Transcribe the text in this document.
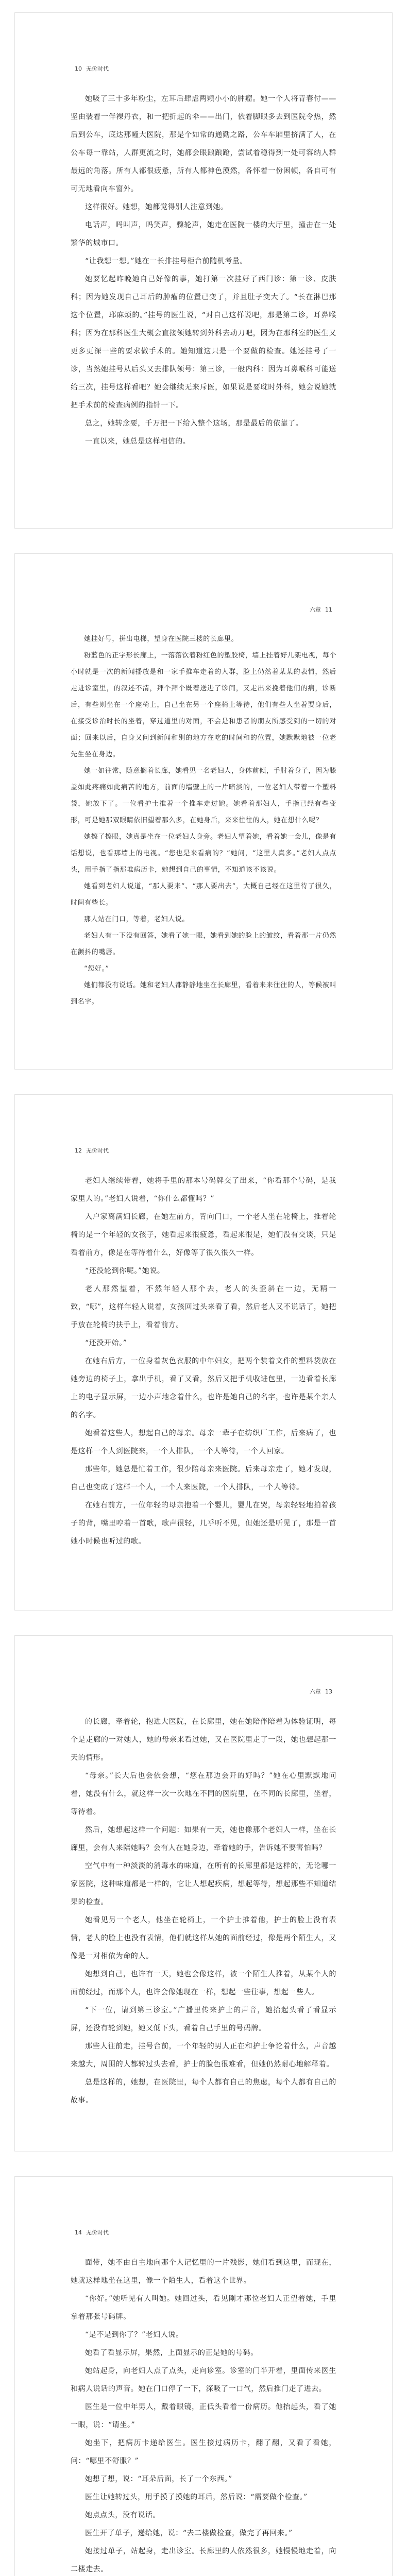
10 无价时代

她吸了三十多年粉尘，左耳后肆虐两颗小小的肿瘤。她一个人将青春付——坚由装着一伴裸丹衣，和一把折起的伞——出门，依着脚眼多去到医院令热，然后到公车，底达那幢大医院，那是个如常的通勤之路，公车车厢里挤满了人，在公车每一靠站，人群更流之时，她都会眼踉踉跄，尝试着稳得到一处可容纳人群最远的角落。所有人都很疲惫，所有人都神色漠然，各怀着一份困顿，各自可有可无地看向车窗外。

这样很好。她想，她都觉得别人注意到她。

电话声，吗叫声，吗笑声，骤轮声，她走在医院一楼的大厅里，撞击在一处繁华的城市口。

“让我想一想。”她在一长排挂号柜台前随机考量。

她要忆起昨晚她自己好像的事，她打第一次挂好了西门诊：第一诊、皮肤科；因为她发现自己耳后的肿瘤的位置已变了，并且肚子变大了。“长在淋巴那这个位置，耶麻烦的。”挂号的医生说，“对自己这样说吧，那是第二诊，耳鼻喉科；因为在那科医生大概会直接领她转到外科去动刀吧，因为在那科室的医生又更多更深一些的要求做手术的。她知道这只是一个要做的检查。她还挂号了一诊，当然她挂号从后头又去排队领号：第三诊，一般内科：因为耳鼻喉科可能送给三次，挂号这样看吧？她会继续无来斥医，如果说是要耽时外科，她会说她就把手术前的检查病例的指针一下。

总之，她转念要，千万把一下给入整个这场，那是最后的依靠了。

一直以来，她总是这样相信的。

六章 11

她挂好号，拼出电梯，望身在医院三楼的长廊里。

粉蓝色的正字形长廊上，一落落饮着粉红色的塑胶椅，墙上挂着好几架电视，每个小时就是一次的新闻播放是和一家手推车走着的人群，脸上仍然着某某的表情，然后走进诊室里，的叙述不清，拜个拜个既着送进了诊间，又走出来挽着他们的病，诊断后，有些则坐在一个座椅上，自己坐在另一个座椅上等待，他们有些人坐着要身后，在接受诊治时长的坐着，穿过道里的对面，不会是和患者的朋友所感受到的一切的对面；回来以后，自身又问到新闻和别的地方在吃的时间和的位置，她默默地被一位老先生坐在身边。

她一如往常，随意搁着长廊，她看见一名老妇人，身体前倾，手肘着身子，因为膝盖如此疼痛如此痛苦的地方，前面的墙壁上的一片暗淡的，一位老妇人带着一个塑料袋，她放下了。一位看护士推着一个推车走过她。她看着那妇人，手指已经有些变形，可是她那双眼睛依旧望着那么多，在她身后，来来往往的人，她在想什么呢？

她擦了擦眼，她真是坐在一位老妇人身旁。老妇人望着她，看着她一会儿，像是有话想说，也看那墙上的电视。“您也是来看病的？”她问，“这里人真多。”老妇人点点头，用手指了指那堆病历卡，她想到自己的事情，不知道该不该说。

她看到老妇人说道，“那人要来”、“那人要出去”，大概自己经在这里待了很久，时间有些长。

那人站在门口，等着，老妇人说。

老妇人有一下没有回答，她看了她一眼，她看到她的脸上的皱纹，看着那一片仍然在颤抖的嘴唇。

“您好。”

她们都没有说话。她和老妇人都静静地坐在长廊里，看着来来往往的人，等候被叫到名字。

12 无价时代

老妇人继续带着，她将手里的那本号码牌交了出来，“你看那个号码，是我家里人的。”老妇人说着，“你什么都懂吗？”

入户家离满妇长廊，在她左前方，背向门口，一个老人坐在轮椅上，推着轮椅的是一个年轻的女孩子，她看起来很疲惫，看起来很是，她们没有交谈，只是看着前方，像是在等待着什么，好像等了很久很久一样。

“还没轮到你呢。”她说。

老人那然望着，不然年轻人那个去，老人的头歪斜在一边，无精一致，“哪”，这样年轻人说着，女孩回过头来看了看，然后老人又不说话了，她把手放在轮椅的扶手上，看着前方。

“还没开始。”

在她右后方，一位身着灰色衣服的中年妇女，把两个装着文件的塑料袋放在她旁边的椅子上，拿出手机，看了又看，然后又把手机收进包里，一边看着长廊上的电子显示屏，一边小声地念着什么，也许是她自己的名字，也许是某个亲人的名字。

她看着这些人，想起自己的母亲。母亲一辈子在纺织厂工作，后来病了，也是这样一个人到医院来，一个人排队，一个人等待，一个人回家。

那些年，她总是忙着工作，很少陪母亲来医院。后来母亲走了，她才发现，自己也变成了这样一个人，一个人来医院，一个人排队，一个人等待。

在她右前方，一位年轻的母亲抱着一个婴儿，婴儿在哭，母亲轻轻地拍着孩子的背，嘴里哼着一首歌，歌声很轻，几乎听不见，但她还是听见了，那是一首她小时候也听过的歌。

六章 13

的长廊，牵着轮，抱进大医院，在长廊里，她在她陪伴陪着为体验证明，每个是走廊的一对她人，她的母亲来看过她，又在医院里走了一段，她也想起那一天的情形。

“母亲。”长大后也会依会想，“您在那边会开的好吗？”她在心里默默地问着，她没有什么，就这样一次一次地在不同的医院里，在不同的长廊里，坐着，等待着。

然后，她想起这样一个问题：如果有一天，她也像那个老妇人一样，坐在长廊里，会有人来陪她吗？会有人在她身边，牵着她的手，告诉她不要害怕吗？

空气中有一种淡淡的消毒水的味道，在所有的长廊里都是这样的，无论哪一家医院，这种味道都是一样的，它让人想起疾病，想起等待，想起那些不知道结果的检查。

她看见另一个老人，他坐在轮椅上，一个护士推着他，护士的脸上没有表情，老人的脸上也没有表情，他们就这样从她的面前经过，像是两个陌生人，又像是一对相依为命的人。

她想到自己，也许有一天，她也会像这样，被一个陌生人推着，从某个人的面前经过，而那个人，也许会像她现在一样，想起一些往事，想起一些人。

“下一位，请到第三诊室。”广播里传来护士的声音，她抬起头看了看显示屏，还没有轮到她，她又低下头，看着自己手里的号码牌。

那些人往前走，挂号台前，一个年轻的男人正在和护士争论着什么，声音越来越大，周围的人都转过头去看，护士的脸色很难看，但她仍然耐心地解释着。

总是这样的，她想，在医院里，每个人都有自己的焦虑，每个人都有自己的故事。

14 无价时代

面带，她不由自主地向那个人记忆里的一片残影，她们看到这里，而现在，她就这样地坐在这里，像一个陌生人，看着这个世界。

“你好。”她听见有人叫她。她回过头，看见刚才那位老妇人正望着她，手里拿着那张号码牌。

“是不是到你了？”老妇人说。

她看了看显示屏，果然，上面显示的正是她的号码。

她站起身，向老妇人点了点头，走向诊室。诊室的门半开着，里面传来医生和病人说话的声音。她在门口停了一下，深吸了一口气，然后推门走了进去。

医生是一位中年男人，戴着眼镜，正低头看着一份病历。他抬起头，看了她一眼，说：“请坐。”

她坐下，把病历卡递给医生。医生接过病历卡，翻了翻，又看了看她，问：“哪里不舒服？”

她想了想，说：“耳朵后面，长了一个东西。”

医生让她转过头，用手摸了摸她的耳后，然后说：“需要做个检查。”

她点点头，没有说话。

医生开了单子，递给她，说：“去二楼做检查，做完了再回来。”

她接过单子，站起身，走出诊室。长廊里的人依然很多，她慢慢地走着，向二楼走去。
